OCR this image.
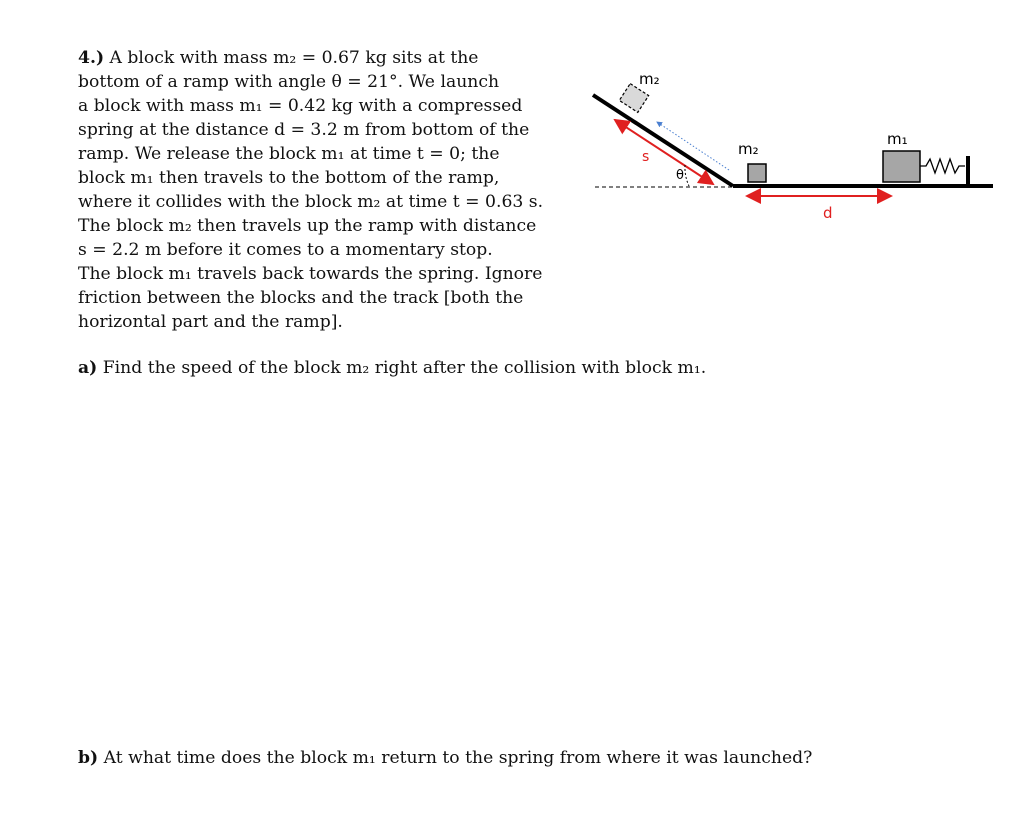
4.) A block with mass m₂ = 0.67 kg sits at the
bottom of a ramp with angle θ = 21°. We launch
a block with mass m₁ = 0.42 kg with a compressed
spring at the distance d = 3.2 m from bottom of the
ramp. We release the block m₁ at time t = 0; the
block m₁ then travels to the bottom of the ramp,
where it collides with the block m₂ at time t = 0.63 s.
The block m₂ then travels up the ramp with distance
s = 2.2 m before it comes to a momentary stop.
The block m₁ travels back towards the spring. Ignore
friction between the blocks and the track [both the
horizontal part and the ramp].
a) Find the speed of the block m₂ right after the collision with block m₁.
b) At what time does the block m₁ return to the spring from where it was launched?
m₂
s
θ
m₂
d
m₁
